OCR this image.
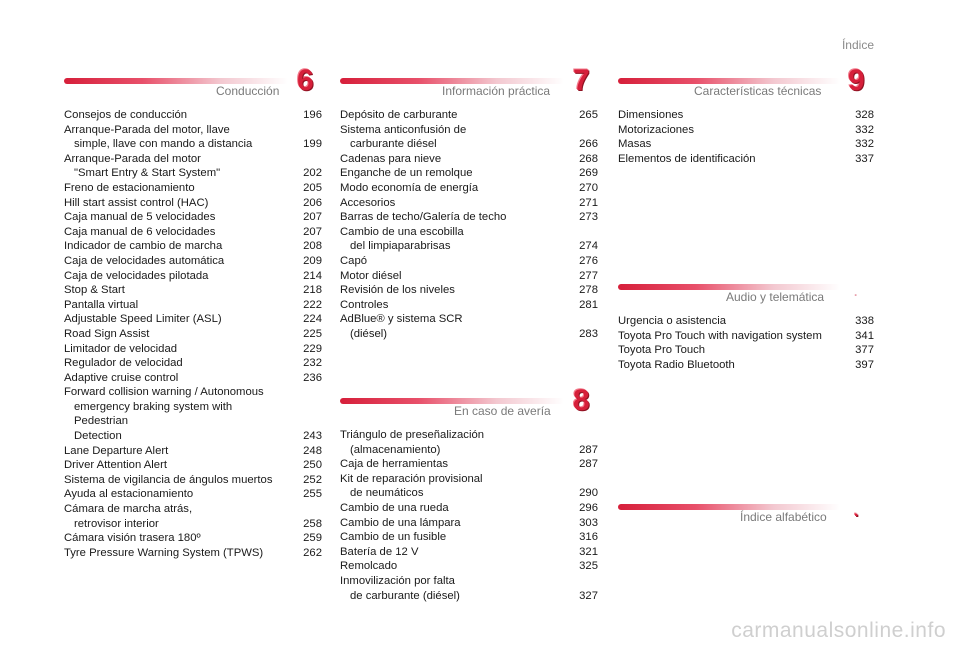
Índice
Conducción 6
Consejos de conducción	196
Arranque-Parada del motor, llave
simple, llave con mando a distancia	199
Arranque-Parada del motor
"Smart Entry & Start System"	202
Freno de estacionamiento	205
Hill start assist control (HAC)	206
Caja manual de 5 velocidades	207
Caja manual de 6 velocidades	207
Indicador de cambio de marcha	208
Caja de velocidades automática	209
Caja de velocidades pilotada	214
Stop & Start	218
Pantalla virtual	222
Adjustable Speed Limiter (ASL)	224
Road Sign Assist	225
Limitador de velocidad	229
Regulador de velocidad	232
Adaptive cruise control	236
Forward collision warning / Autonomous
emergency braking system with Pedestrian
Detection	243
Lane Departure Alert	248
Driver Attention Alert	250
Sistema de vigilancia de ángulos muertos	252
Ayuda al estacionamiento	255
Cámara de marcha atrás,
retrovisor interior	258
Cámara visión trasera 180º	259
Tyre Pressure Warning System (TPWS)	262
Información práctica 7
Depósito de carburante	265
Sistema anticonfusión de
carburante diésel	266
Cadenas para nieve	268
Enganche de un remolque	269
Modo economía de energía	270
Accesorios	271
Barras de techo/Galería de techo	273
Cambio de una escobilla
del limpiaparabrisas	274
Capó	276
Motor diésel	277
Revisión de los niveles	278
Controles	281
AdBlue® y sistema SCR
(diésel)	283
En caso de avería 8
Triángulo de preseñalización
(almacenamiento)	287
Caja de herramientas	287
Kit de reparación provisional
de neumáticos	290
Cambio de una rueda	296
Cambio de una lámpara	303
Cambio de un fusible	316
Batería de 12 V	321
Remolcado	325
Inmovilización por falta
de carburante (diésel)	327
Características técnicas 9
Dimensiones	328
Motorizaciones	332
Masas	332
Elementos de identificación	337
Audio y telemática	.
Urgencia o asistencia	338
Toyota Pro Touch with navigation system	341
Toyota Pro Touch	377
Toyota Radio Bluetooth	397
Índice alfabético .
carmanualsonline.info
